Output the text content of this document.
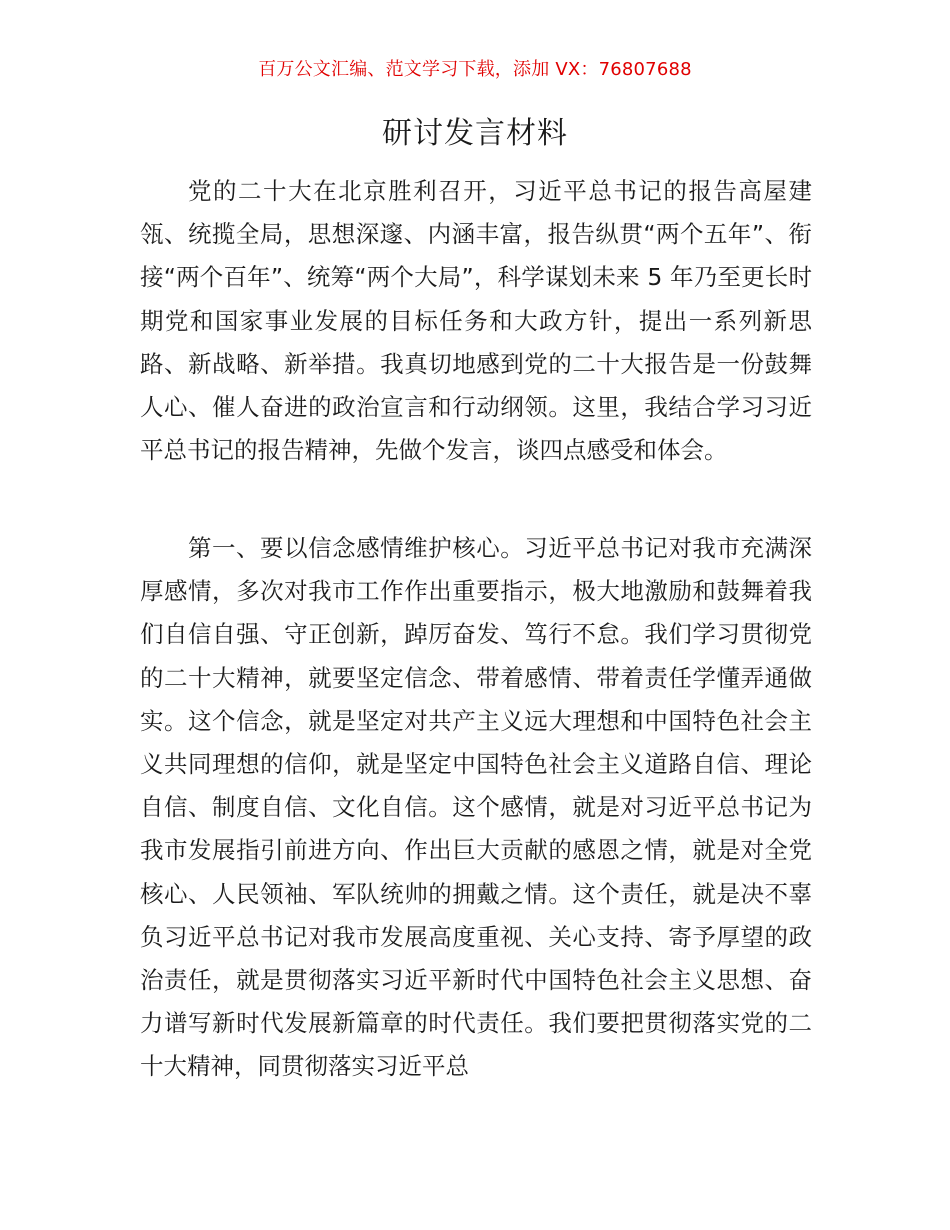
百万公文汇编、范文学习下载，添加 VX：76807688
研讨发言材料

党的二十大在北京胜利召开，习近平总书记的报告高屋建瓴、统揽全局，思想深邃、内涵丰富，报告纵贯“两个五年”、衔接“两个百年”、统筹“两个大局”，科学谋划未来 5 年乃至更长时期党和国家事业发展的目标任务和大政方针，提出一系列新思路、新战略、新举措。我真切地感到党的二十大报告是一份鼓舞人心、催人奋进的政治宣言和行动纲领。这里，我结合学习习近平总书记的报告精神，先做个发言，谈四点感受和体会。

第一、要以信念感情维护核心。习近平总书记对我市充满深厚感情，多次对我市工作作出重要指示，极大地激励和鼓舞着我们自信自强、守正创新，踔厉奋发、笃行不怠。我们学习贯彻党的二十大精神，就要坚定信念、带着感情、带着责任学懂弄通做实。这个信念，就是坚定对共产主义远大理想和中国特色社会主义共同理想的信仰，就是坚定中国特色社会主义道路自信、理论自信、制度自信、文化自信。这个感情，就是对习近平总书记为我市发展指引前进方向、作出巨大贡献的感恩之情，就是对全党核心、人民领袖、军队统帅的拥戴之情。这个责任，就是决不辜负习近平总书记对我市发展高度重视、关心支持、寄予厚望的政治责任，就是贯彻落实习近平新时代中国特色社会主义思想、奋力谱写新时代发展新篇章的时代责任。我们要把贯彻落实党的二十大精神，同贯彻落实习近平总
